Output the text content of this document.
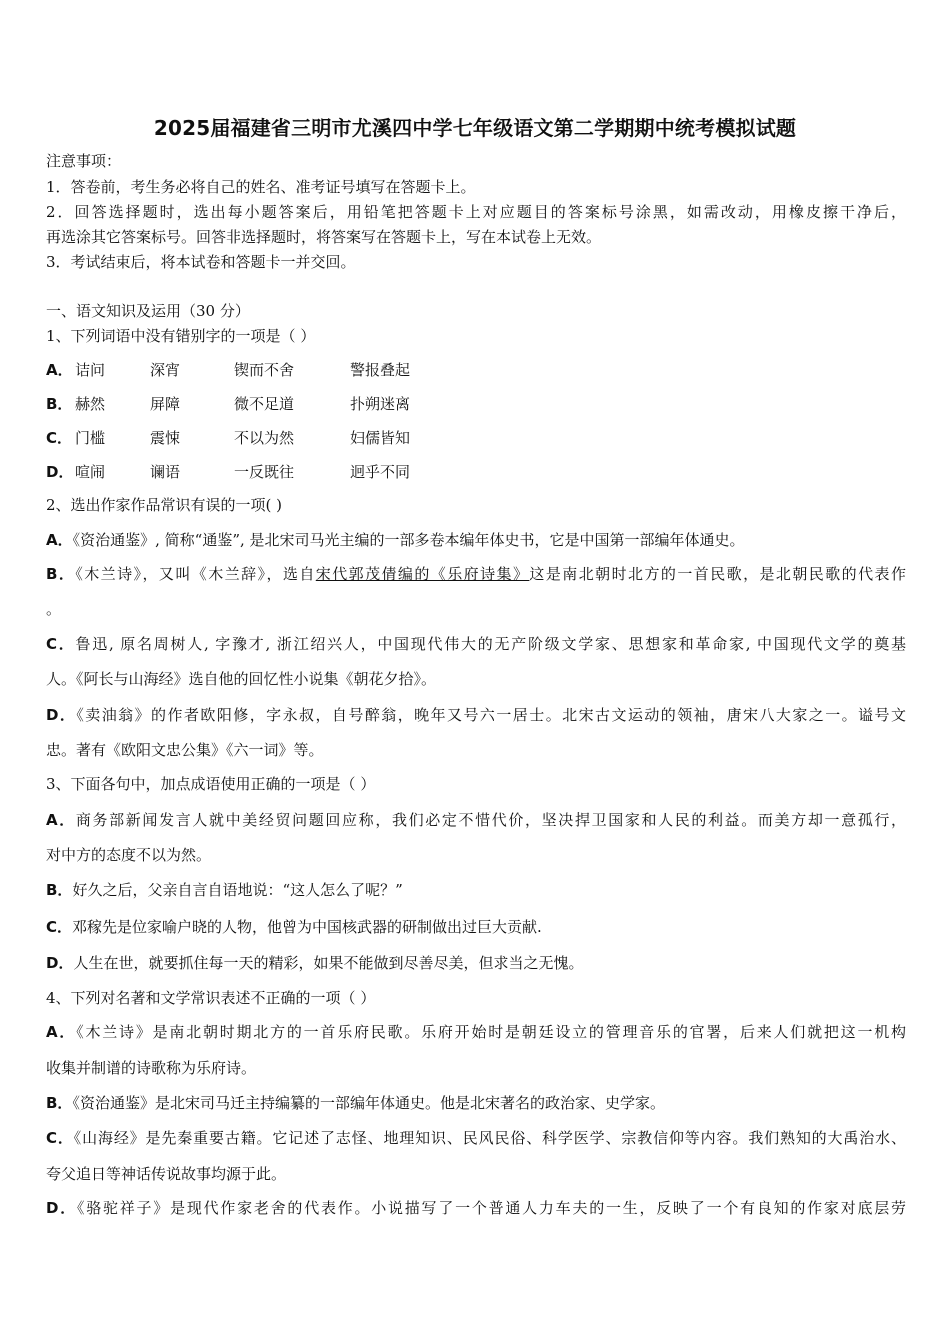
2025届福建省三明市尤溪四中学七年级语文第二学期期中统考模拟试题
注意事项：
1．答卷前，考生务必将自己的姓名、准考证号填写在答题卡上。
2．回答选择题时，选出每小题答案后，用铅笔把答题卡上对应题目的答案标号涂黑，如需改动，用橡皮擦干净后，
再选涂其它答案标号。回答非选择题时，将答案写在答题卡上，写在本试卷上无效。
3．考试结束后，将本试卷和答题卡一并交回。
一、语文知识及运用（30 分）
1、下列词语中没有错别字的一项是（ ）
A． 诘问	深宵	锲而不舍	警报叠起
B． 赫然	屏障	微不足道	扑朔迷离
C． 门槛	震悚	不以为然	妇儒皆知
D． 喧闹	谰语	一反既往	迥乎不同
2、选出作家作品常识有误的一项( )
A．《资治通鉴》, 简称“通鉴”, 是北宋司马光主编的一部多卷本编年体史书，它是中国第一部编年体通史。
B．《木兰诗》，又叫《木兰辞》，选自宋代郭茂倩编的《乐府诗集》这是南北朝时北方的一首民歌，是北朝民歌的代表作
。
C．鲁迅, 原名周树人, 字豫才, 浙江绍兴人，中国现代伟大的无产阶级文学家、思想家和革命家, 中国现代文学的奠基
人。《阿长与山海经》选自他的回忆性小说集《朝花夕拾》。
D．《卖油翁》的作者欧阳修，字永叔，自号醉翁，晚年又号六一居士。北宋古文运动的领袖，唐宋八大家之一。谥号文
忠。著有《欧阳文忠公集》《六一词》等。
3、下面各句中，加点成语使用正确的一项是（ ）
A．商务部新闻发言人就中美经贸问题回应称，我们必定不惜代价，坚决捍卫国家和人民的利益。而美方却一意孤行，
对中方的态度不以为然。
B．好久之后，父亲自言自语地说：“这人怎么了呢？”
C．邓稼先是位家喻户晓的人物，他曾为中国核武器的研制做出过巨大贡献.
D．人生在世，就要抓住每一天的精彩，如果不能做到尽善尽美，但求当之无愧。
4、下列对名著和文学常识表述不正确的一项（ ）
A．《木兰诗》是南北朝时期北方的一首乐府民歌。乐府开始时是朝廷设立的管理音乐的官署，后来人们就把这一机构
收集并制谱的诗歌称为乐府诗。
B．《资治通鉴》是北宋司马迁主持编纂的一部编年体通史。他是北宋著名的政治家、史学家。
C．《山海经》是先秦重要古籍。它记述了志怪、地理知识、民风民俗、科学医学、宗教信仰等内容。我们熟知的大禹治水、
夸父追日等神话传说故事均源于此。
D．《骆驼祥子》是现代作家老舍的代表作。小说描写了一个普通人力车夫的一生，反映了一个有良知的作家对底层劳
